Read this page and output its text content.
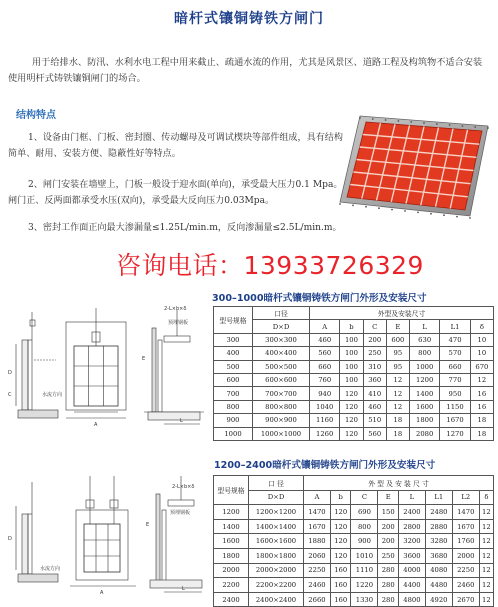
暗杆式镶铜铸铁方闸门
用于给排水、防汛、水利水电工程中用来截止、疏通水流的作用，尤其是风景区、道路工程及构筑物不适合安装使用明杆式铸铁镶铜闸门的场合。
结构特点
1、设备由门框、门板、密封圈、传动螺母及可调试楔块等部件组成，具有结构简单、耐用、安装方便、隐蔽性好等特点。
2、闸门安装在墙壁上，门板一般设于迎水面(单向)，承受最大压力0.1 Mpa。闸门正、反两面都承受水压(双向)，承受最大反向压力0.03Mpa。
3、密封工作面正向最大渗漏量≤1.25L/min.m，反向渗漏量≤2.5L/min.m。
咨询电话：13933726329
300–1000暗杆式镶铜铸铁方闸门外形及安装尺寸
型号规格	口径	外型及安装尺寸						
	D×D	A	b	C	E	L	L1	δ
300	300×300	460	100	200	600	630	470	10
400	400×400	560	100	250	95	800	570	10
500	500×500	660	100	310	95	1000	660	670
600	600×600	760	100	360	12	1200	770	12
700	700×700	940	120	410	12	1400	950	16
800	800×800	1040	120	460	12	1600	1150	16
900	900×900	1160	120	510	18	1800	1670	18
1000	1000×1000	1260	120	560	18	2080	1270	18
1200–2400暗杆式镶铜铸铁方闸门外形及安装尺寸
型号规格	口 径	外 型 及 安 装 尺 寸							
	D×D	A	b	C	E	L	L1	L2	δ
1200	1200×1200	1470	120	690	150	2400	2480	1470	12
1400	1400×1400	1670	120	800	200	2800	2880	1670	12
1600	1600×1600	1880	120	900	200	3200	3280	1760	12
1800	1800×1800	2060	120	1010	250	3600	3680	2000	12
2000	2000×2000	2250	160	1110	280	4000	4080	2250	12
2200	2200×2200	2460	160	1220	280	4400	4480	2460	12
2400	2400×2400	2660	160	1330	280	4800	4920	2670	12
水流方向
2-L×b×δ
预埋钢板
L
D
C
E
A
水流方向
2-L×b×δ
预埋钢板
L
D
E
A
